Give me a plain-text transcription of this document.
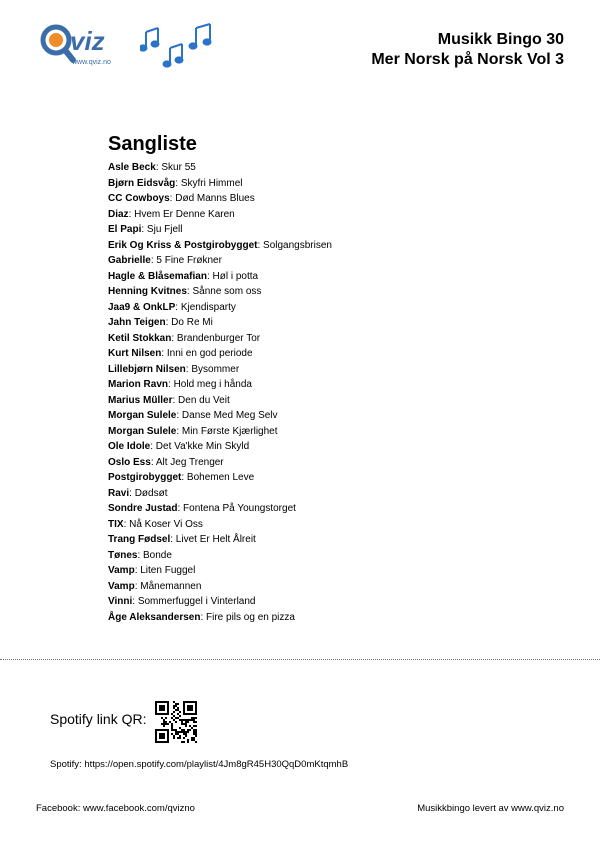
viz
www.qviz.no
Musikk Bingo 30
Mer Norsk på Norsk Vol 3
Sangliste
Asle Beck: Skur 55
Bjørn Eidsvåg: Skyfri Himmel
CC Cowboys: Død Manns Blues
Diaz: Hvem Er Denne Karen
El Papi: Sju Fjell
Erik Og Kriss & Postgirobygget: Solgangsbrisen
Gabrielle: 5 Fine Frøkner
Hagle & Blåsemafian: Høl i potta
Henning Kvitnes: Sånne som oss
Jaa9 & OnkLP: Kjendisparty
Jahn Teigen: Do Re Mi
Ketil Stokkan: Brandenburger Tor
Kurt Nilsen: Inni en god periode
Lillebjørn Nilsen: Bysommer
Marion Ravn: Hold meg i hånda
Marius Müller: Den du Veit
Morgan Sulele: Danse Med Meg Selv
Morgan Sulele: Min Første Kjærlighet
Ole Idole: Det Va'kke Min Skyld
Oslo Ess: Alt Jeg Trenger
Postgirobygget: Bohemen Leve
Ravi: Dødsøt
Sondre Justad: Fontena På Youngstorget
TIX: Nå Koser Vi Oss
Trang Fødsel: Livet Er Helt Ålreit
Tønes: Bonde
Vamp: Liten Fuggel
Vamp: Månemannen
Vinni: Sommerfuggel i Vinterland
Åge Aleksandersen: Fire pils og en pizza
Spotify link QR:
Spotify: https://open.spotify.com/playlist/4Jm8gR45H30QqD0mKtqmhB
Facebook: www.facebook.com/qviznо	Musikkbingo levert av www.qviz.no
